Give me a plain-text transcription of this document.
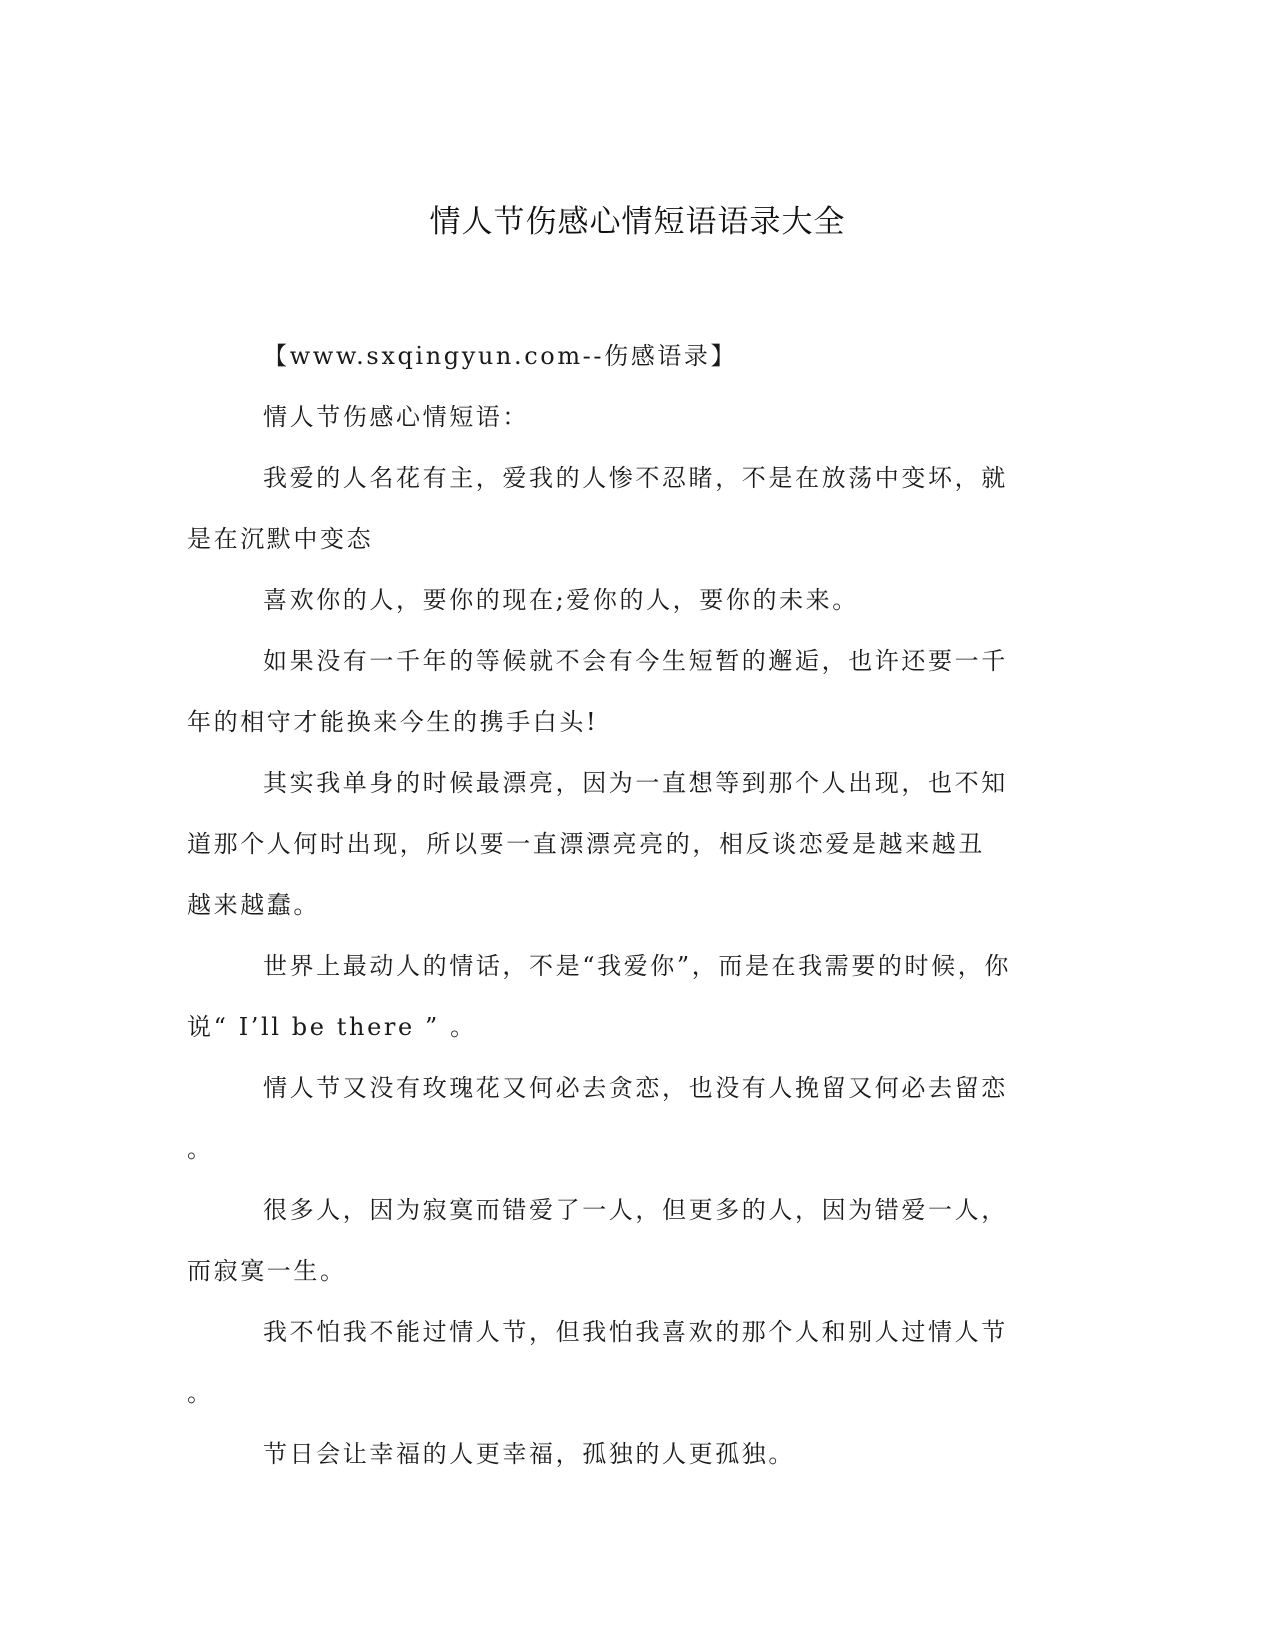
情人节伤感心情短语语录大全

【www.sxqingyun.com--伤感语录】

情人节伤感心情短语：

我爱的人名花有主，爱我的人惨不忍睹，不是在放荡中变坏，就

是在沉默中变态

喜欢你的人，要你的现在;爱你的人，要你的未来。

如果没有一千年的等候就不会有今生短暂的邂逅，也许还要一千

年的相守才能换来今生的携手白头!

其实我单身的时候最漂亮，因为一直想等到那个人出现，也不知

道那个人何时出现，所以要一直漂漂亮亮的，相反谈恋爱是越来越丑

越来越蠢。

世界上最动人的情话，不是“我爱你”，而是在我需要的时候，你

说“ I’ll be there ” 。

情人节又没有玫瑰花又何必去贪恋，也没有人挽留又何必去留恋

。

很多人，因为寂寞而错爱了一人，但更多的人，因为错爱一人，

而寂寞一生。

我不怕我不能过情人节，但我怕我喜欢的那个人和别人过情人节

。

节日会让幸福的人更幸福，孤独的人更孤独。
